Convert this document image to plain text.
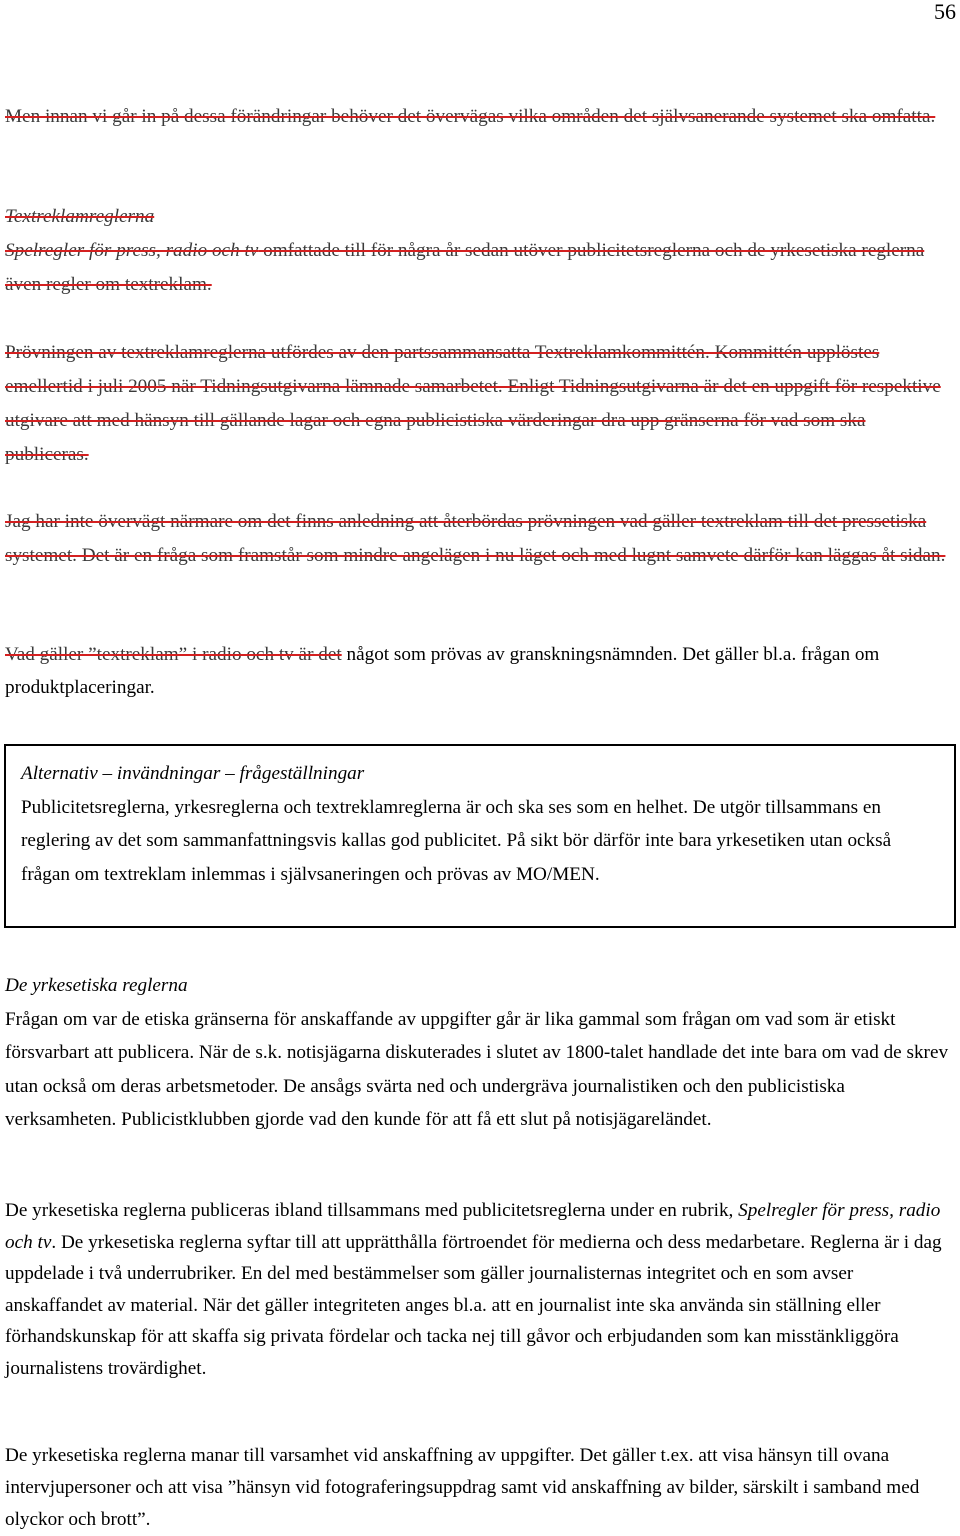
56

Men innan vi går in på dessa förändringar behöver det övervägas vilka områden det självsanerande systemet ska omfatta.

Textreklamreglerna
Spelregler för press, radio och tv omfattade till för några år sedan utöver publicitetsreglerna och de yrkesetiska reglerna även regler om textreklam.

Prövningen av textreklamreglerna utfördes av den partssammansatta Textreklamkommittén. Kommittén upplöstes emellertid i juli 2005 när Tidningsutgivarna lämnade samarbetet. Enligt Tidningsutgivarna är det en uppgift för respektive utgivare att med hänsyn till gällande lagar och egna publicistiska värderingar dra upp gränserna för vad som ska publiceras.

Jag har inte övervägt närmare om det finns anledning att återbördas prövningen vad gäller textreklam till det pressetiska systemet. Det är en fråga som framstår som mindre angelägen i nu läget och med lugnt samvete därför kan läggas åt sidan.

Vad gäller ”textreklam” i radio och tv är det något som prövas av granskningsnämnden. Det gäller bl.a. frågan om produktplaceringar.

Alternativ – invändningar – frågeställningar

Publicitetsreglerna, yrkesreglerna och textreklamreglerna är och ska ses som en helhet. De utgör tillsammans en reglering av det som sammanfattningsvis kallas god publicitet. På sikt bör därför inte bara yrkesetiken utan också frågan om textreklam inlemmas i självsaneringen och prövas av MO/MEN.

De yrkesetiska reglerna
Frågan om var de etiska gränserna för anskaffande av uppgifter går är lika gammal som frågan om vad som är etiskt försvarbart att publicera. När de s.k. notisjägarna diskuterades i slutet av 1800-talet handlade det inte bara om vad de skrev utan också om deras arbetsmetoder. De ansågs svärta ned och undergräva journalistiken och den publicistiska verksamheten. Publicistklubben gjorde vad den kunde för att få ett slut på notisjägareländet.

De yrkesetiska reglerna publiceras ibland tillsammans med publicitetsreglerna under en rubrik, Spelregler för press, radio och tv. De yrkesetiska reglerna syftar till att upprätthålla förtroendet för medierna och dess medarbetare. Reglerna är i dag uppdelade i två underrubriker. En del med bestämmelser som gäller journalisternas integritet och en som avser anskaffandet av material. När det gäller integriteten anges bl.a. att en journalist inte ska använda sin ställning eller förhandskunskap för att skaffa sig privata fördelar och tacka nej till gåvor och erbjudanden som kan misstänkliggöra journalistens trovärdighet.

De yrkesetiska reglerna manar till varsamhet vid anskaffning av uppgifter. Det gäller t.ex. att visa hänsyn till ovana intervjupersoner och att visa ”hänsyn vid fotograferingsuppdrag samt vid anskaffning av bilder, särskilt i samband med olyckor och brott”.
